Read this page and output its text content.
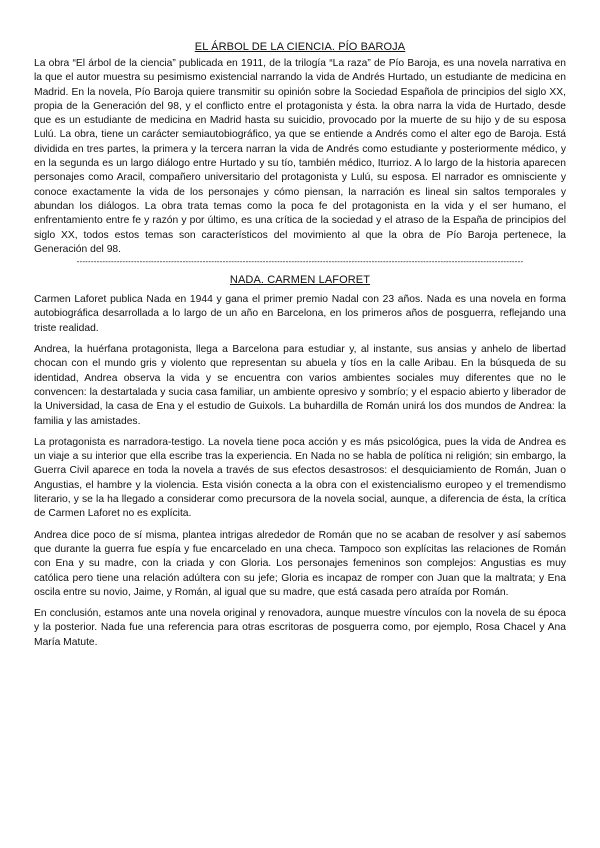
EL ÁRBOL DE LA CIENCIA. PÍO BAROJA

La obra “El árbol de la ciencia” publicada en 1911, de la trilogía “La raza” de Pío Baroja, es una novela narrativa en la que el autor muestra su pesimismo existencial narrando la vida de Andrés Hurtado, un estudiante de medicina en Madrid. En la novela, Pío Baroja quiere transmitir su opinión sobre la Sociedad Española de principios del siglo XX, propia de la Generación del 98, y el conflicto entre el protagonista y ésta. la obra narra la vida de Hurtado, desde que es un estudiante de medicina en Madrid hasta su suicidio, provocado por la muerte de su hijo y de su esposa Lulú. La obra, tiene un carácter semiautobiográfico, ya que se entiende a Andrés como el alter ego de Baroja. Está dividida en tres partes, la primera y la tercera narran la vida de Andrés como estudiante y posteriormente médico, y en la segunda es un largo diálogo entre Hurtado y su tío, también médico, Iturrioz. A lo largo de la historia aparecen personajes como Aracil, compañero universitario del protagonista y Lulú, su esposa. El narrador es omnisciente y conoce exactamente la vida de los personajes y cómo piensan, la narración es lineal sin saltos temporales y abundan los diálogos. La obra trata temas como la poca fe del protagonista en la vida y el ser humano, el enfrentamiento entre fe y razón y por último, es una crítica de la sociedad y el atraso de la España de principios del siglo XX, todos estos temas son característicos del movimiento al que la obra de Pío Baroja pertenece, la Generación del 98.

------------------------------------------------------------------------------------------------------------------------------------------------------------

NADA. CARMEN LAFORET

Carmen Laforet publica Nada en 1944 y gana el primer premio Nadal con 23 años. Nada es una novela en forma autobiográfica desarrollada a lo largo de un año en Barcelona, en los primeros años de posguerra, reflejando una triste realidad.

Andrea, la huérfana protagonista, llega a Barcelona para estudiar y, al instante, sus ansias y anhelo de libertad chocan con el mundo gris y violento que representan su abuela y tíos en la calle Aribau. En la búsqueda de su identidad, Andrea observa la vida y se encuentra con varios ambientes sociales muy diferentes que no le convencen: la destartalada y sucia casa familiar, un ambiente opresivo y sombrío; y el espacio abierto y liberador de la Universidad, la casa de Ena y el estudio de Guixols. La buhardilla de Román unirá los dos mundos de Andrea: la familia y las amistades.

La protagonista es narradora-testigo. La novela tiene poca acción y es más psicológica, pues la vida de Andrea es un viaje a su interior que ella escribe tras la experiencia. En Nada no se habla de política ni religión; sin embargo, la Guerra Civil aparece en toda la novela a través de sus efectos desastrosos: el desquiciamiento de Román, Juan o Angustias, el hambre y la violencia. Esta visión conecta a la obra con el existencialismo europeo y el tremendismo literario, y se la ha llegado a considerar como precursora de la novela social, aunque, a diferencia de ésta, la crítica de Carmen Laforet no es explícita.

Andrea dice poco de sí misma, plantea intrigas alrededor de Román que no se acaban de resolver y así sabemos que durante la guerra fue espía y fue encarcelado en una checa. Tampoco son explícitas las relaciones de Román con Ena y su madre, con la criada y con Gloria. Los personajes femeninos son complejos: Angustias es muy católica pero tiene una relación adúltera con su jefe; Gloria es incapaz de romper con Juan que la maltrata; y Ena oscila entre su novio, Jaime, y Román, al igual que su madre, que está casada pero atraída por Román.

En conclusión, estamos ante una novela original y renovadora, aunque muestre vínculos con la novela de su época y la posterior. Nada fue una referencia para otras escritoras de posguerra como, por ejemplo, Rosa Chacel y Ana María Matute.
